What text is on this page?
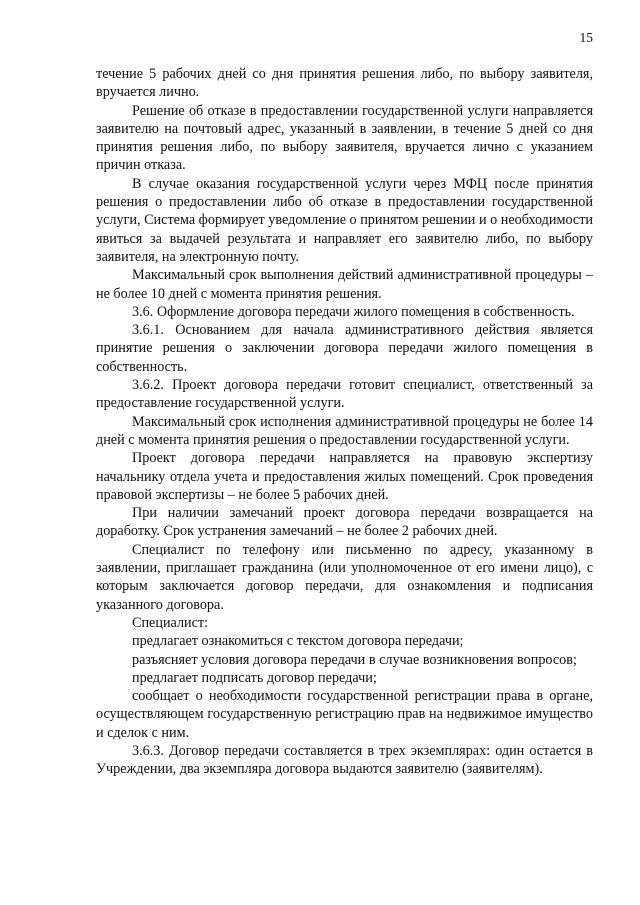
15

течение 5 рабочих дней со дня принятия решения либо, по выбору заявителя, вручается лично.

Решение об отказе в предоставлении государственной услуги направляется заявителю на почтовый адрес, указанный в заявлении, в течение 5 дней со дня принятия решения либо, по выбору заявителя, вручается лично с указанием причин отказа.

В случае оказания государственной услуги через МФЦ после принятия решения о предоставлении либо об отказе в предоставлении государственной услуги, Система формирует уведомление о принятом решении и о необходимости явиться за выдачей результата и направляет его заявителю либо, по выбору заявителя, на электронную почту.

Максимальный срок выполнения действий административной процедуры – не более 10 дней с момента принятия решения.

3.6. Оформление договора передачи жилого помещения в собственность.

3.6.1. Основанием для начала административного действия является принятие решения о заключении договора передачи жилого помещения в собственность.

3.6.2. Проект договора передачи готовит специалист, ответственный за предоставление государственной услуги.

Максимальный срок исполнения административной процедуры не более 14 дней с момента принятия решения о предоставлении государственной услуги.

Проект договора передачи направляется на правовую экспертизу начальнику отдела учета и предоставления жилых помещений. Срок проведения правовой экспертизы – не более 5 рабочих дней.

При наличии замечаний проект договора передачи возвращается на доработку. Срок устранения замечаний – не более 2 рабочих дней.

Специалист по телефону или письменно по адресу, указанному в заявлении, приглашает гражданина (или уполномоченное от его имени лицо), с которым заключается договор передачи, для ознакомления и подписания указанного договора.

Специалист:

предлагает ознакомиться с текстом договора передачи;

разъясняет условия договора передачи в случае возникновения вопросов;

предлагает подписать договор передачи;

сообщает о необходимости государственной регистрации права в органе, осуществляющем государственную регистрацию прав на недвижимое имущество и сделок с ним.

3.6.3. Договор передачи составляется в трех экземплярах: один остается в Учреждении, два экземпляра договора выдаются заявителю (заявителям).
